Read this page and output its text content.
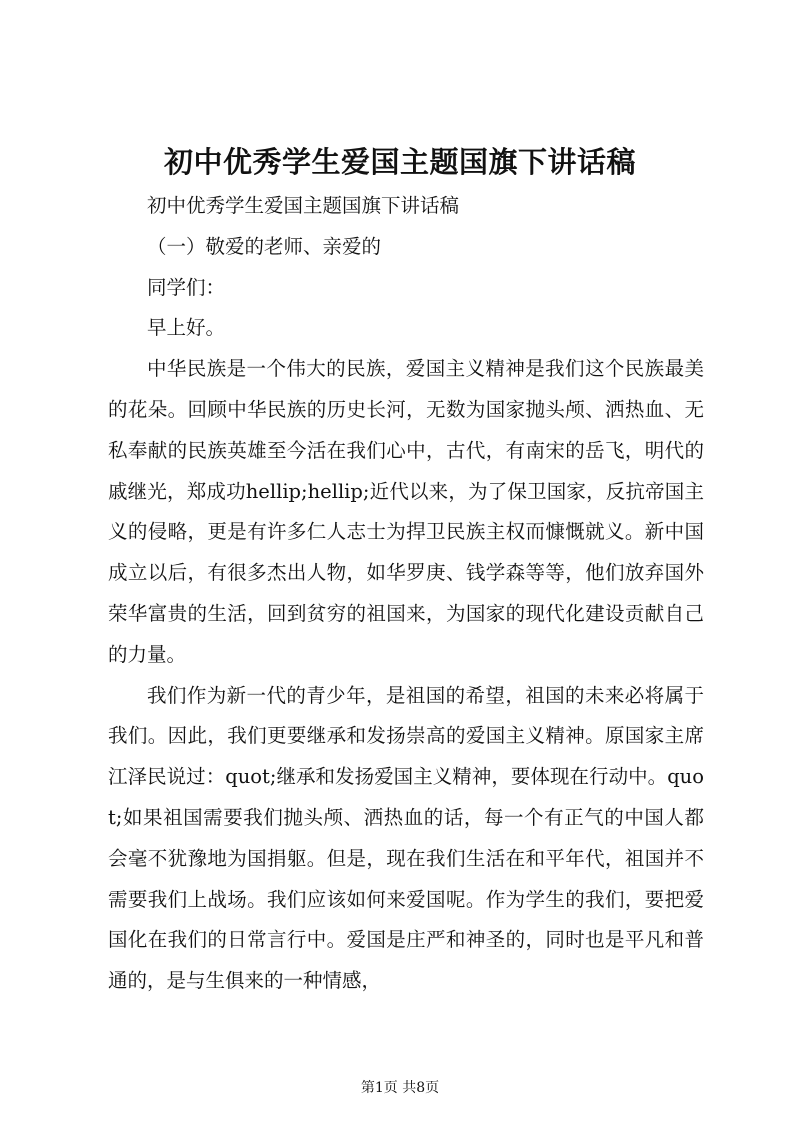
初中优秀学生爱国主题国旗下讲话稿

初中优秀学生爱国主题国旗下讲话稿

（一）敬爱的老师、亲爱的

同学们：

早上好。

中华民族是一个伟大的民族，爱国主义精神是我们这个民族最美的花朵。回顾中华民族的历史长河，无数为国家抛头颅、洒热血、无私奉献的民族英雄至今活在我们心中，古代，有南宋的岳飞，明代的戚继光，郑成功hellip;hellip;近代以来，为了保卫国家，反抗帝国主义的侵略，更是有许多仁人志士为捍卫民族主权而慷慨就义。新中国成立以后，有很多杰出人物，如华罗庚、钱学森等等，他们放弃国外荣华富贵的生活，回到贫穷的祖国来，为国家的现代化建设贡献自己的力量。

我们作为新一代的青少年，是祖国的希望，祖国的未来必将属于我们。因此，我们更要继承和发扬崇高的爱国主义精神。原国家主席江泽民说过：quot;继承和发扬爱国主义精神，要体现在行动中。quot;如果祖国需要我们抛头颅、洒热血的话，每一个有正气的中国人都会毫不犹豫地为国捐躯。但是，现在我们生活在和平年代，祖国并不需要我们上战场。我们应该如何来爱国呢。作为学生的我们，要把爱国化在我们的日常言行中。爱国是庄严和神圣的，同时也是平凡和普通的，是与生俱来的一种情感，

第1页 共8页
